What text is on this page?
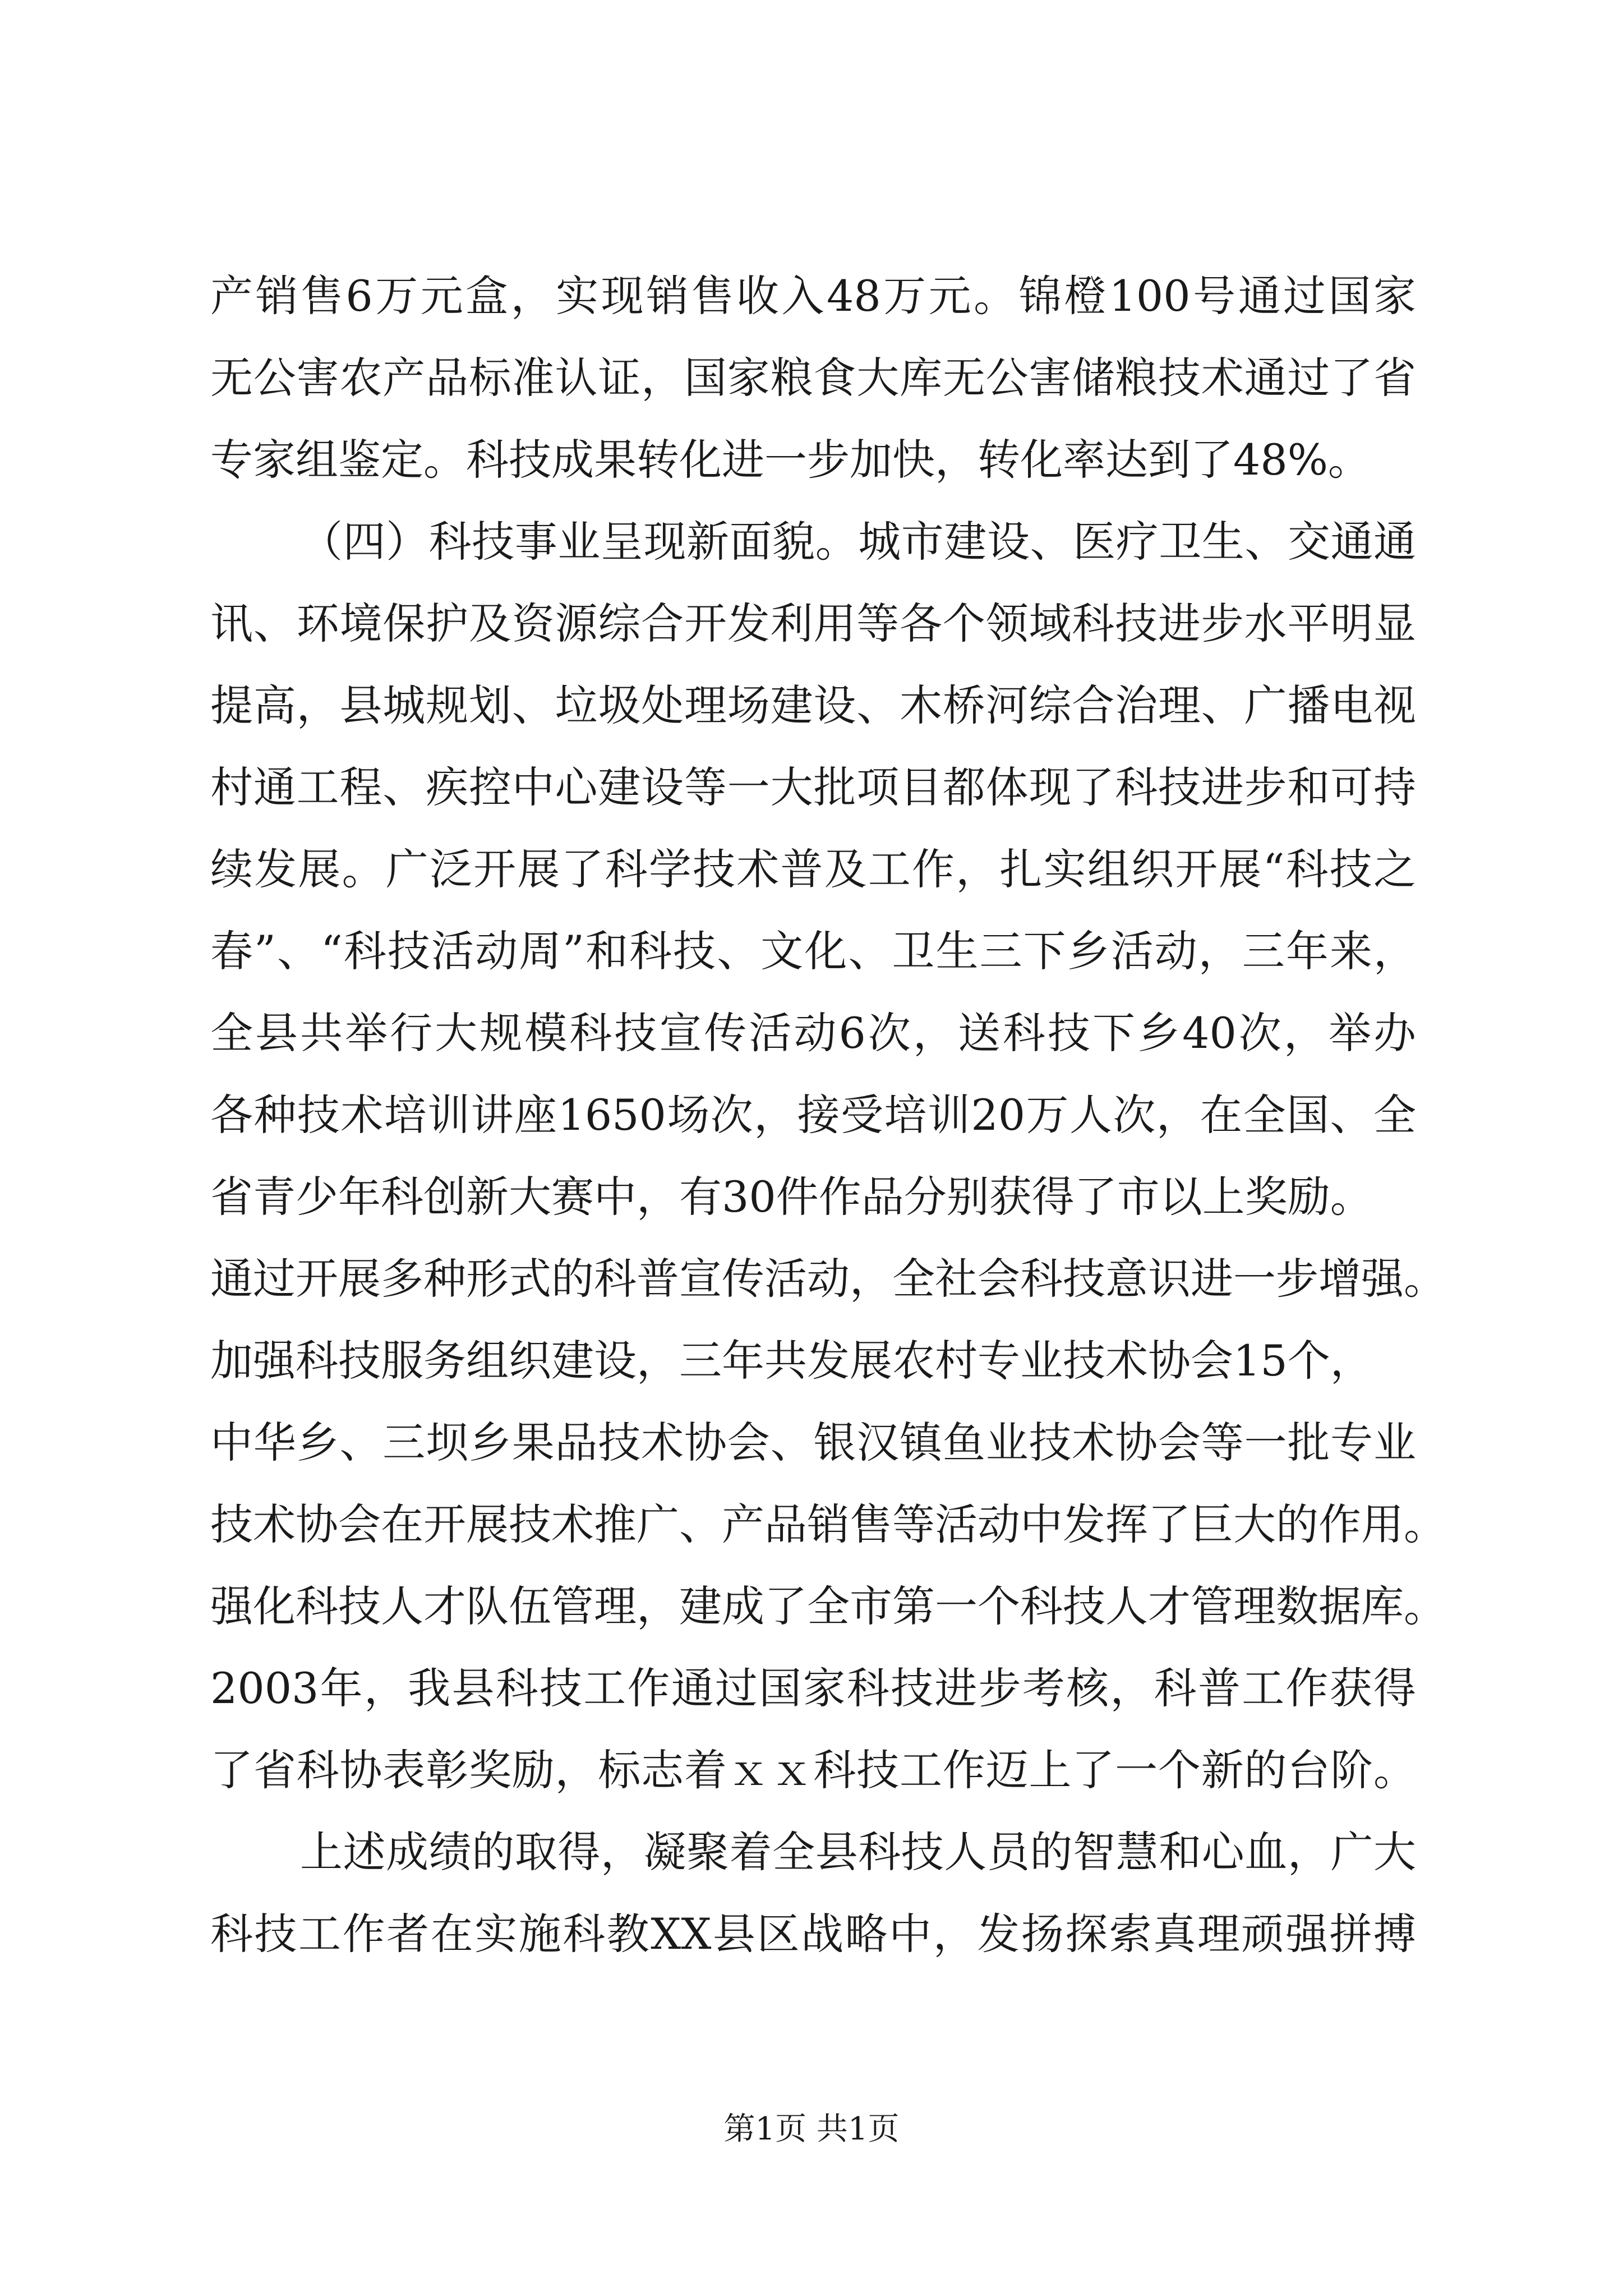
产销售6万元盒，实现销售收入48万元。锦橙100号通过国家
无公害农产品标准认证，国家粮食大库无公害储粮技术通过了省
专家组鉴定。科技成果转化进一步加快，转化率达到了48%。
（四）科技事业呈现新面貌。城市建设、医疗卫生、交通通
讯、环境保护及资源综合开发利用等各个领域科技进步水平明显
提高，县城规划、垃圾处理场建设、木桥河综合治理、广播电视
村通工程、疾控中心建设等一大批项目都体现了科技进步和可持
续发展。广泛开展了科学技术普及工作，扎实组织开展“科技之
春”、“科技活动周”和科技、文化、卫生三下乡活动，三年来，
全县共举行大规模科技宣传活动6次，送科技下乡40次，举办
各种技术培训讲座1650场次，接受培训20万人次，在全国、全
省青少年科创新大赛中，有30件作品分别获得了市以上奖励。
通过开展多种形式的科普宣传活动，全社会科技意识进一步增强。
加强科技服务组织建设，三年共发展农村专业技术协会15个，
中华乡、三坝乡果品技术协会、银汉镇鱼业技术协会等一批专业
技术协会在开展技术推广、产品销售等活动中发挥了巨大的作用。
强化科技人才队伍管理，建成了全市第一个科技人才管理数据库。
2003年，我县科技工作通过国家科技进步考核，科普工作获得
了省科协表彰奖励，标志着ｘｘ科技工作迈上了一个新的台阶。
上述成绩的取得，凝聚着全县科技人员的智慧和心血，广大
科技工作者在实施科教XX县区战略中，发扬探索真理顽强拼搏
第1页 共1页
